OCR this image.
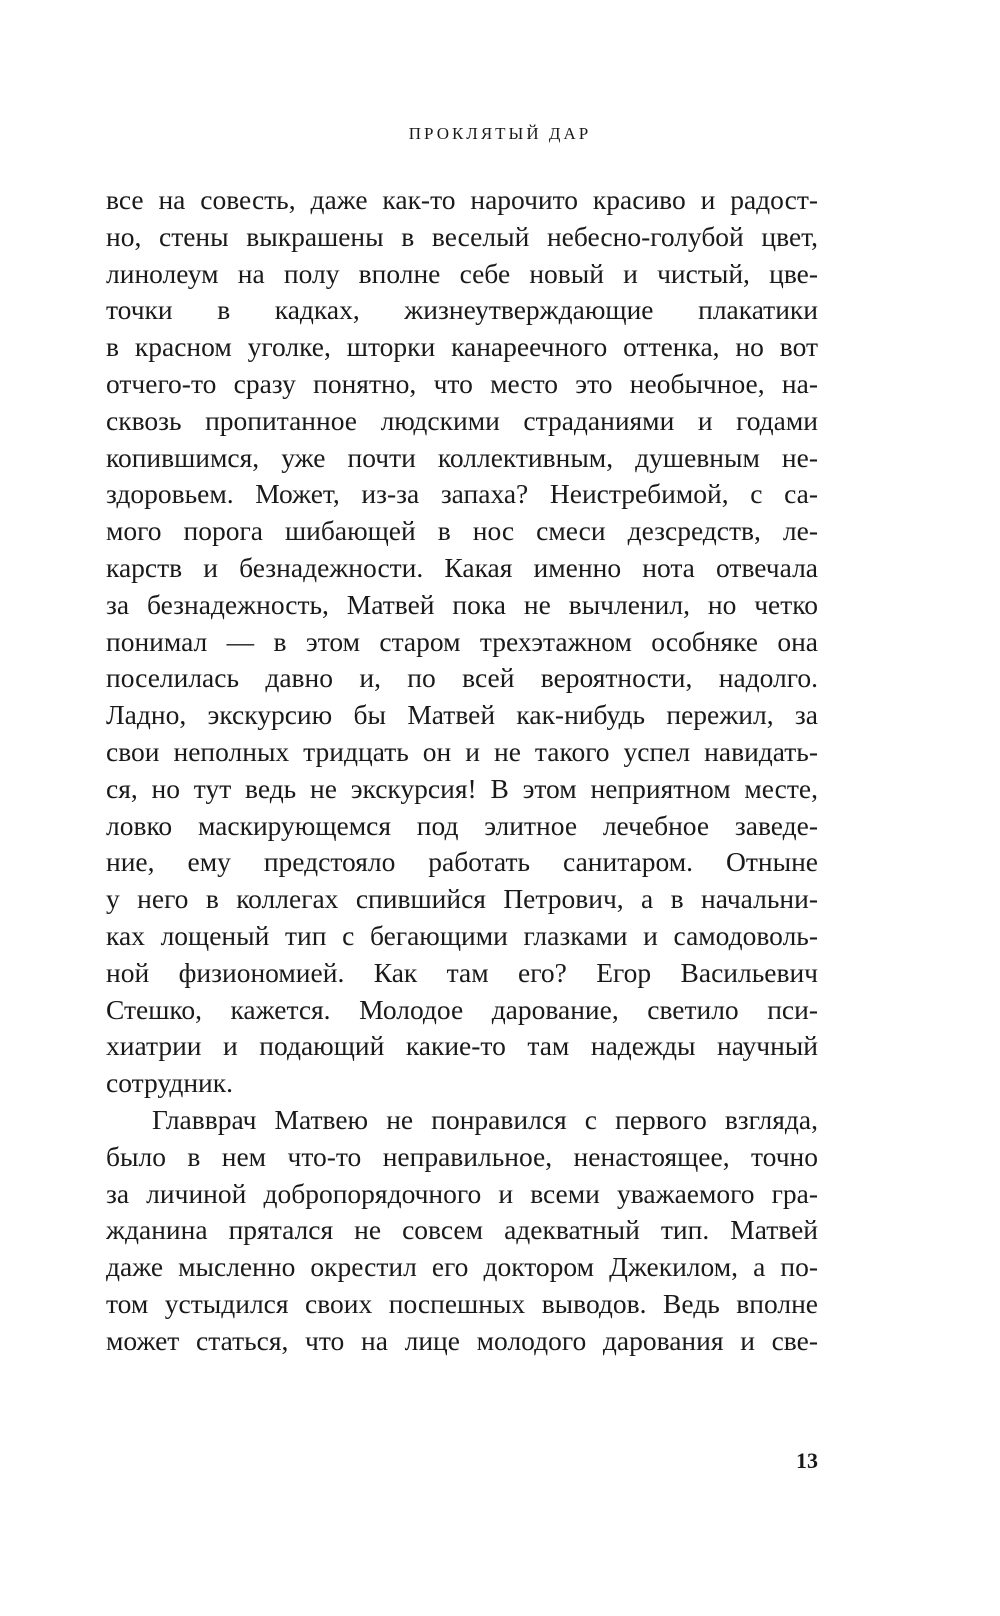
ПРОКЛЯТЫЙ ДАР
все на совесть, даже как-то нарочито красиво и радост-
но, стены выкрашены в веселый небесно-голубой цвет,
линолеум на полу вполне себе новый и чистый, цве-
точки в кадках, жизнеутверждающие плакатики
в красном уголке, шторки канареечного оттенка, но вот
отчего-то сразу понятно, что место это необычное, на-
сквозь пропитанное людскими страданиями и годами
копившимся, уже почти коллективным, душевным не-
здоровьем. Может, из-за запаха? Неистребимой, с са-
мого порога шибающей в нос смеси дезсредств, ле-
карств и безнадежности. Какая именно нота отвечала
за безнадежность, Матвей пока не вычленил, но четко
понимал — в этом старом трехэтажном особняке она
поселилась давно и, по всей вероятности, надолго.
Ладно, экскурсию бы Матвей как-нибудь пережил, за
свои неполных тридцать он и не такого успел навидать-
ся, но тут ведь не экскурсия! В этом неприятном месте,
ловко маскирующемся под элитное лечебное заведе-
ние, ему предстояло работать санитаром. Отныне
у него в коллегах спившийся Петрович, а в начальни-
ках лощеный тип с бегающими глазками и самодоволь-
ной физиономией. Как там его? Егор Васильевич
Стешко, кажется. Молодое дарование, светило пси-
хиатрии и подающий какие-то там надежды научный
сотрудник.
Главврач Матвею не понравился с первого взгляда,
было в нем что-то неправильное, ненастоящее, точно
за личиной добропорядочного и всеми уважаемого гра-
жданина прятался не совсем адекватный тип. Матвей
даже мысленно окрестил его доктором Джекилом, а по-
том устыдился своих поспешных выводов. Ведь вполне
может статься, что на лице молодого дарования и све-
13
